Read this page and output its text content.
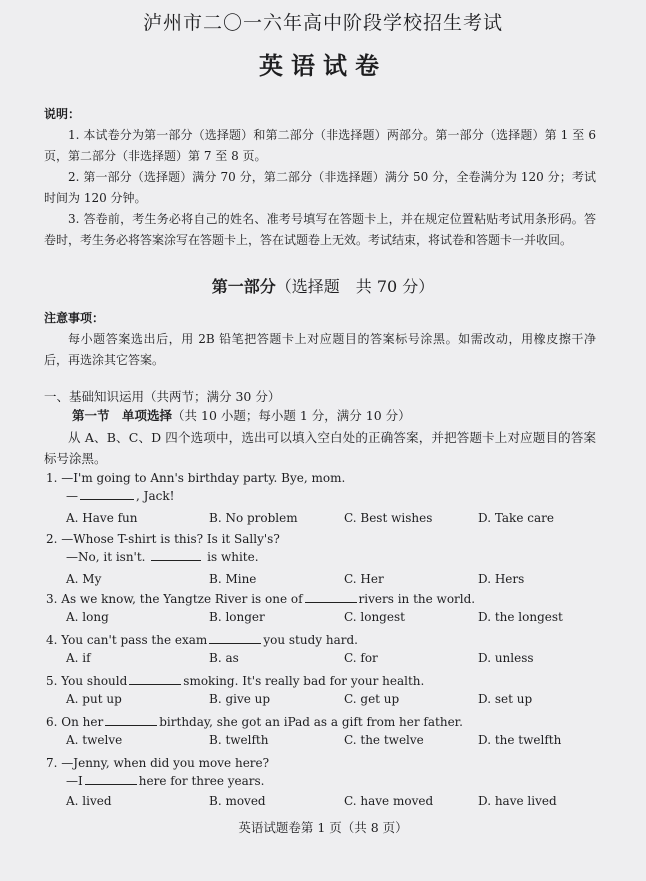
泸州市二〇一六年高中阶段学校招生考试
英语试卷
说明：
1. 本试卷分为第一部分（选择题）和第二部分（非选择题）两部分。第一部分（选择题）第 1 至 6 页，第二部分（非选择题）第 7 至 8 页。
2. 第一部分（选择题）满分 70 分，第二部分（非选择题）满分 50 分，全卷满分为 120 分；考试时间为 120 分钟。
3. 答卷前，考生务必将自己的姓名、准考号填写在答题卡上，并在规定位置粘贴考试用条形码。答卷时，考生务必将答案涂写在答题卡上，答在试题卷上无效。考试结束，将试卷和答题卡一并收回。
第一部分（选择题　共 70 分）
注意事项：
每小题答案选出后，用 2B 铅笔把答题卡上对应题目的答案标号涂黑。如需改动，用橡皮擦干净后，再选涂其它答案。
一、基础知识运用（共两节；满分 30 分）
第一节　单项选择（共 10 小题；每小题 1 分，满分 10 分）
从 A、B、C、D 四个选项中，选出可以填入空白处的正确答案，并把答题卡上对应题目的答案标号涂黑。
1. —I'm going to Ann's birthday party. Bye, mom.
—	, Jack!
A. Have fun	B. No problem	C. Best wishes	D. Take care
2. —Whose T-shirt is this? Is it Sally's?
—No, it isn't.	is white.
A. My	B. Mine	C. Her	D. Hers
3. As we know, the Yangtze River is one of	rivers in the world.
A. long	B. longer	C. longest	D. the longest
4. You can't pass the exam	you study hard.
A. if	B. as	C. for	D. unless
5. You should	smoking. It's really bad for your health.
A. put up	B. give up	C. get up	D. set up
6. On her	birthday, she got an iPad as a gift from her father.
A. twelve	B. twelfth	C. the twelve	D. the twelfth
7. —Jenny, when did you move here?
—I	here for three years.
A. lived	B. moved	C. have moved	D. have lived
英语试题卷第 1 页（共 8 页）
